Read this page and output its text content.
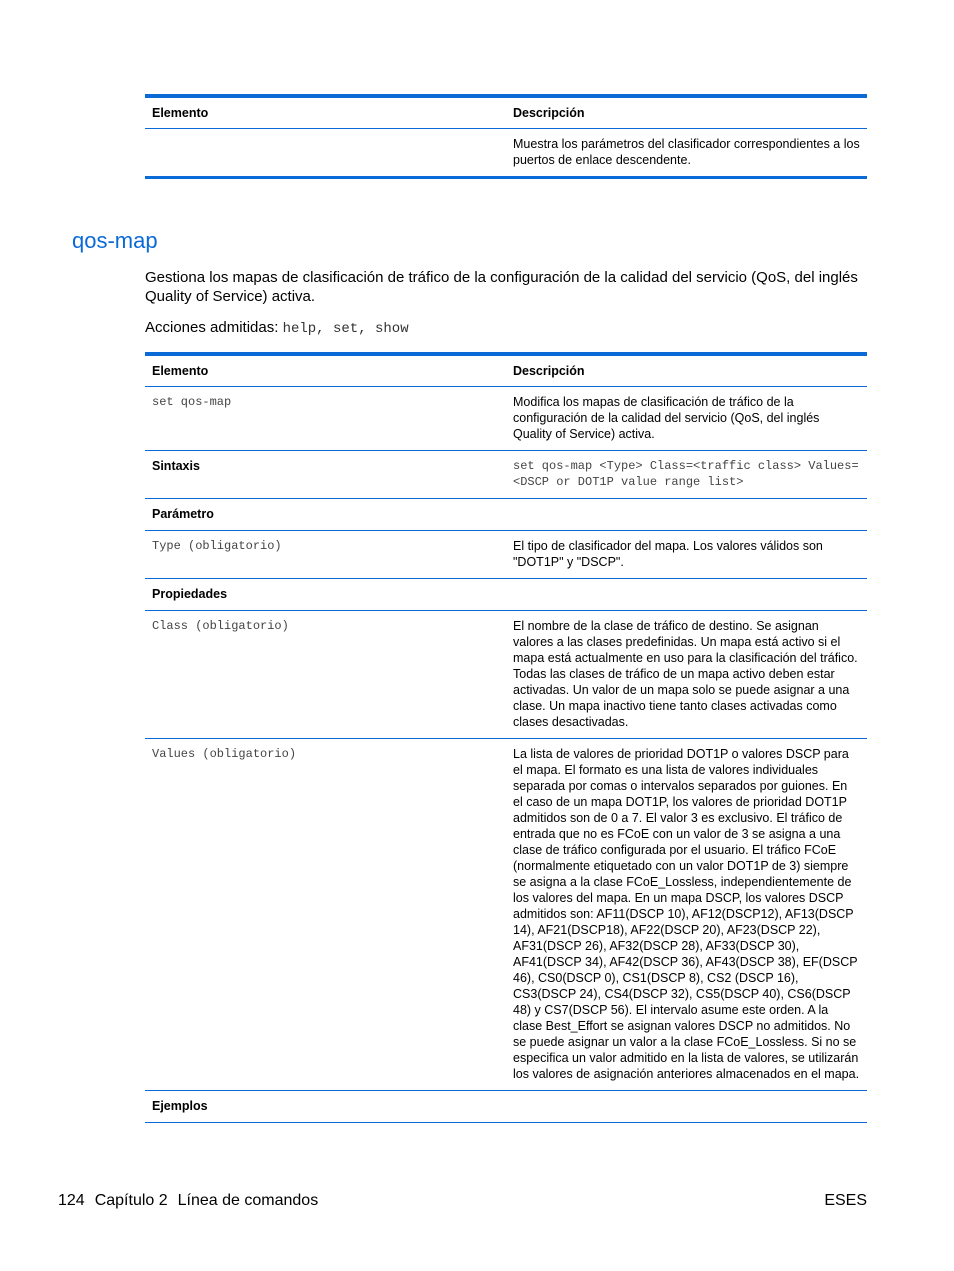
Elemento	Descripción
	Muestra los parámetros del clasificador correspondientes a los puertos de enlace descendente.
qos-map

Gestiona los mapas de clasificación de tráfico de la configuración de la calidad del servicio (QoS, del inglés Quality of Service) activa.

Acciones admitidas: help, set, show

Elemento	Descripción
set qos-map	Modifica los mapas de clasificación de tráfico de la configuración de la calidad del servicio (QoS, del inglés Quality of Service) activa.
Sintaxis	set qos-map <Type> Class=<traffic class> Values=<DSCP or DOT1P value range list>
Parámetro	
Type (obligatorio)	El tipo de clasificador del mapa. Los valores válidos son "DOT1P" y "DSCP".
Propiedades	
Class (obligatorio)	El nombre de la clase de tráfico de destino. Se asignan valores a las clases predefinidas. Un mapa está activo si el mapa está actualmente en uso para la clasificación del tráfico. Todas las clases de tráfico de un mapa activo deben estar activadas. Un valor de un mapa solo se puede asignar a una clase. Un mapa inactivo tiene tanto clases activadas como clases desactivadas.
Values (obligatorio)	La lista de valores de prioridad DOT1P o valores DSCP para el mapa. El formato es una lista de valores individuales separada por comas o intervalos separados por guiones. En el caso de un mapa DOT1P, los valores de prioridad DOT1P admitidos son de 0 a 7. El valor 3 es exclusivo. El tráfico de entrada que no es FCoE con un valor de 3 se asigna a una clase de tráfico configurada por el usuario. El tráfico FCoE (normalmente etiquetado con un valor DOT1P de 3) siempre se asigna a la clase FCoE_Lossless, independientemente de los valores del mapa. En un mapa DSCP, los valores DSCP admitidos son: AF11(DSCP 10), AF12(DSCP12), AF13(DSCP 14), AF21(DSCP18), AF22(DSCP 20), AF23(DSCP 22), AF31(DSCP 26), AF32(DSCP 28), AF33(DSCP 30), AF41(DSCP 34), AF42(DSCP 36), AF43(DSCP 38), EF(DSCP 46), CS0(DSCP 0), CS1(DSCP 8), CS2 (DSCP 16), CS3(DSCP 24), CS4(DSCP 32), CS5(DSCP 40), CS6(DSCP 48) y CS7(DSCP 56). El intervalo asume este orden. A la clase Best_Effort se asignan valores DSCP no admitidos. No se puede asignar un valor a la clase FCoE_Lossless. Si no se especifica un valor admitido en la lista de valores, se utilizarán los valores de asignación anteriores almacenados en el mapa.
Ejemplos	
124 Capítulo 2 Línea de comandos	ESES
